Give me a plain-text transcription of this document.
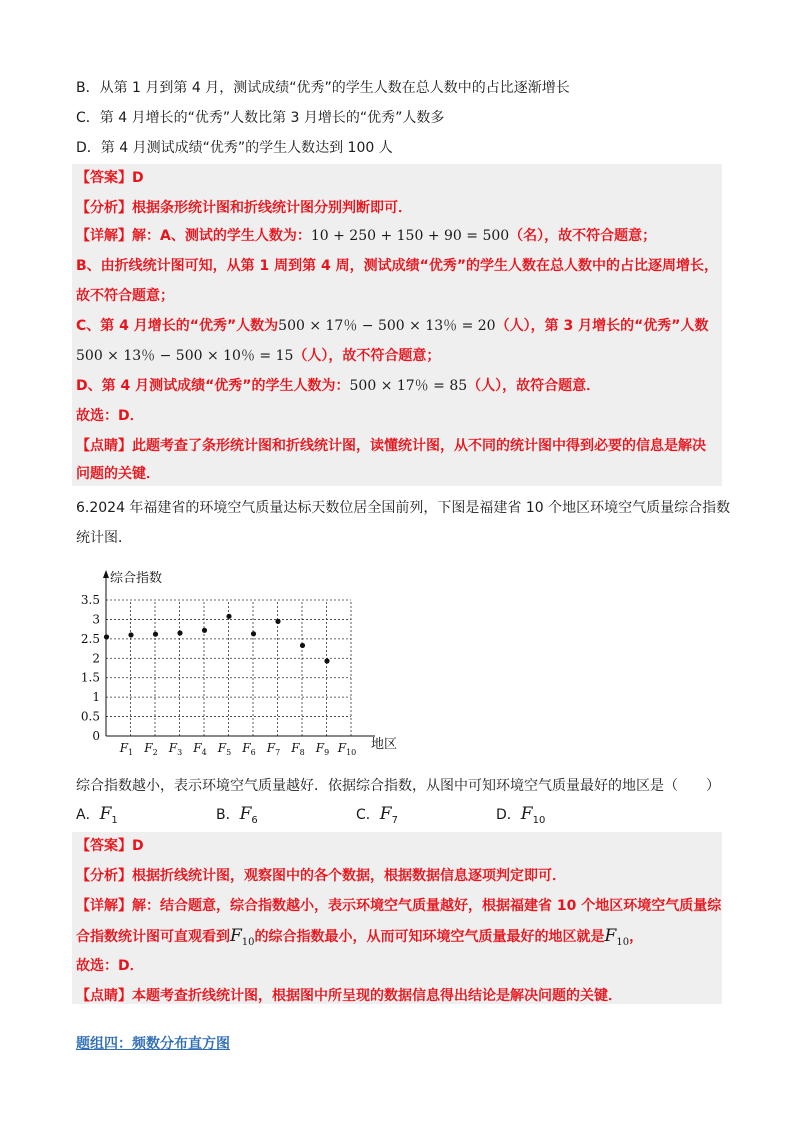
B．从第 1 月到第 4 月，测试成绩“优秀”的学生人数在总人数中的占比逐渐增长
C．第 4 月增长的“优秀”人数比第 3 月增长的“优秀”人数多
D．第 4 月测试成绩“优秀”的学生人数达到 100 人
【答案】D
【分析】根据条形统计图和折线统计图分别判断即可．
【详解】解：A、测试的学生人数为：10 + 250 + 150 + 90 = 500（名），故不符合题意；
B、由折线统计图可知，从第 1 周到第 4 周，测试成绩“优秀”的学生人数在总人数中的占比逐周增长，
故不符合题意；
C、第 4 月增长的“优秀”人数为500 × 17％ − 500 × 13％ = 20（人），第 3 月增长的“优秀”人数
500 × 13％ − 500 × 10％ = 15（人），故不符合题意；
D、第 4 月测试成绩“优秀”的学生人数为：500 × 17％ = 85（人），故符合题意．
故选：D．
【点睛】此题考查了条形统计图和折线统计图，读懂统计图，从不同的统计图中得到必要的信息是解决
问题的关键．
6.2024 年福建省的环境空气质量达标天数位居全国前列，下图是福建省 10 个地区环境空气质量综合指数
统计图．
综合指数
地区
0
0.5
1
1.5
2
2.5
3
3.5
$F_1$ $F_2$ $F_3$ $F_4$ $F_5$ $F_6$ $F_7$ $F_8$ $F_9$ $F_{10}$
综合指数越小，表示环境空气质量越好．依据综合指数，从图中可知环境空气质量最好的地区是（　　）
A．$F_1$	B．$F_6$	C．$F_7$	D．$F_{10}$
【答案】D
【分析】根据折线统计图，观察图中的各个数据，根据数据信息逐项判定即可．
【详解】解：结合题意，综合指数越小，表示环境空气质量越好，根据福建省 10 个地区环境空气质量综
合指数统计图可直观看到$F_{10}$的综合指数最小，从而可知环境空气质量最好的地区就是$F_{10}$，
故选：D．
【点睛】本题考查折线统计图，根据图中所呈现的数据信息得出结论是解决问题的关键．
题组四：频数分布直方图
